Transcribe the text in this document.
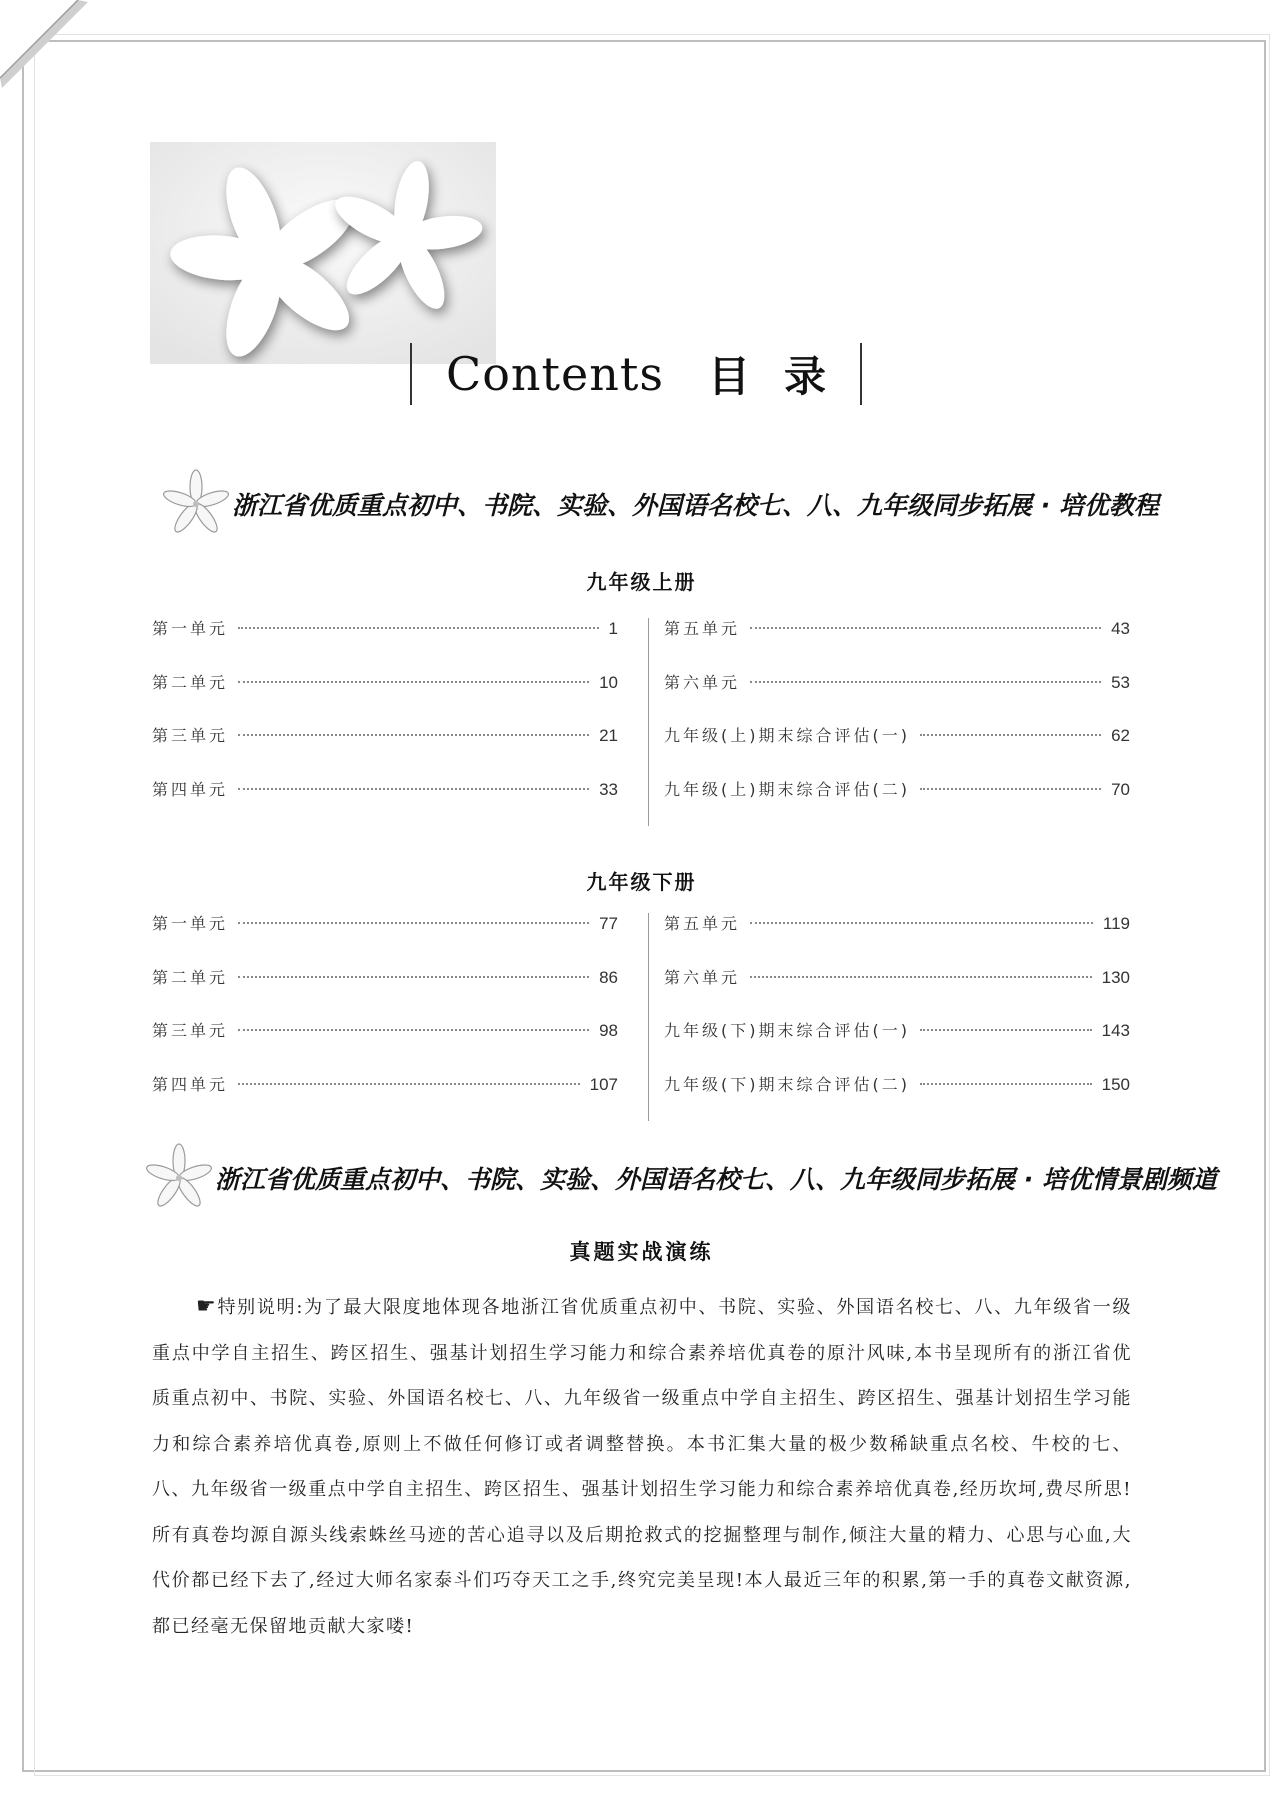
Contents 目录
浙江省优质重点初中、书院、实验、外国语名校七、八、九年级同步拓展 · 培优教程
九年级上册
第一单元	1
第二单元	10
第三单元	21
第四单元	33
第五单元	43
第六单元	53
九年级(上)期末综合评估(一)	62
九年级(上)期末综合评估(二)	70
九年级下册
第一单元	77
第二单元	86
第三单元	98
第四单元	107
第五单元	119
第六单元	130
九年级(下)期末综合评估(一)	143
九年级(下)期末综合评估(二)	150
浙江省优质重点初中、书院、实验、外国语名校七、八、九年级同步拓展 · 培优情景剧频道
真题实战演练
☛特别说明:为了最大限度地体现各地浙江省优质重点初中、书院、实验、外国语名校七、八、九年级省一级重点中学自主招生、跨区招生、强基计划招生学习能力和综合素养培优真卷的原汁风味,本书呈现所有的浙江省优质重点初中、书院、实验、外国语名校七、八、九年级省一级重点中学自主招生、跨区招生、强基计划招生学习能力和综合素养培优真卷,原则上不做任何修订或者调整替换。本书汇集大量的极少数稀缺重点名校、牛校的七、八、九年级省一级重点中学自主招生、跨区招生、强基计划招生学习能力和综合素养培优真卷,经历坎坷,费尽所思!所有真卷均源自源头线索蛛丝马迹的苦心追寻以及后期抢救式的挖掘整理与制作,倾注大量的精力、心思与心血,大代价都已经下去了,经过大师名家泰斗们巧夺天工之手,终究完美呈现!本人最近三年的积累,第一手的真卷文献资源,都已经毫无保留地贡献大家喽!
